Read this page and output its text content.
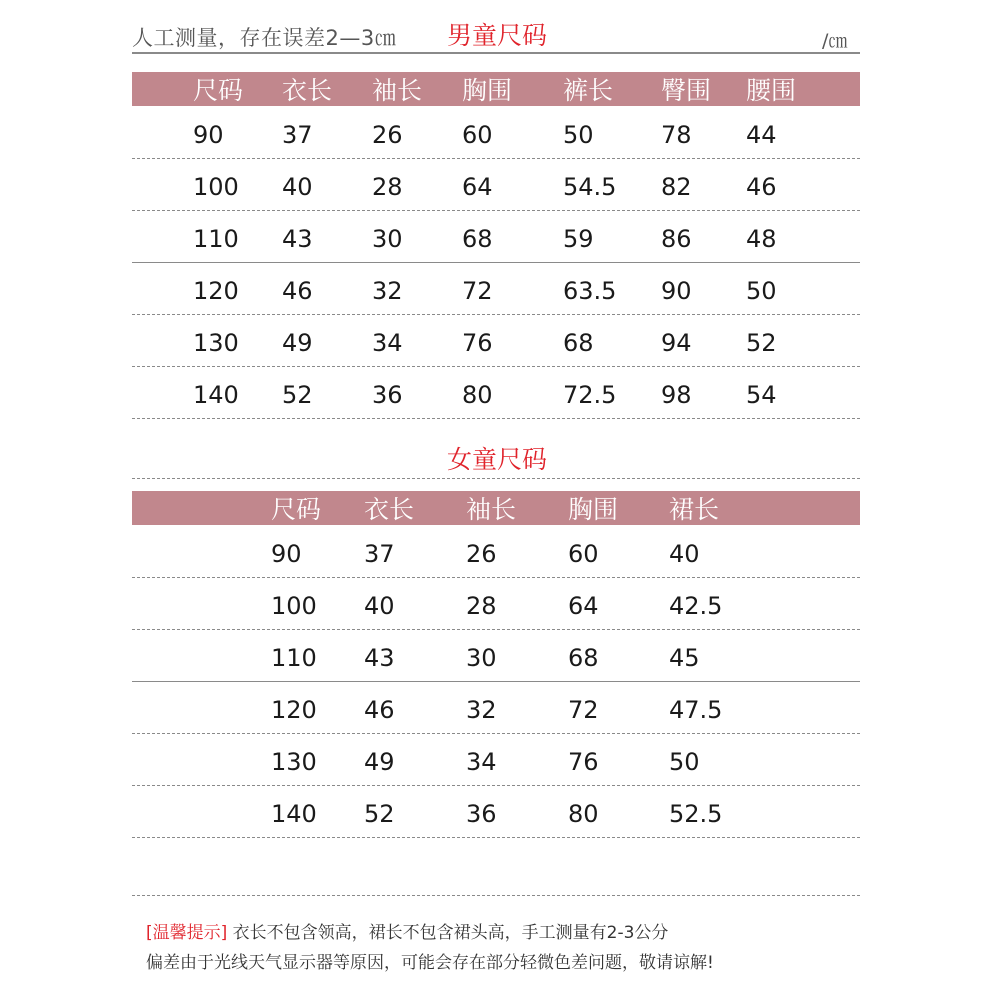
人工测量，存在误差2—3㎝ 男童尺码	/㎝
尺码 衣长 袖长 胸围 裤长 臀围 腰围
90 37 26 60	50	78 44
100 40 28 64	54.5 82 46
110 43 30 68	59	86 48
120 46 32 72	63.5 90 50
130 49 34 76	68	94 52
140 52 36 80	72.5 98 54
女童尺码
尺码 衣长 袖长 胸围 裙长
90	37	26	60	40
100 40	28	64	42.5
110 43	30	68	45
120 46	32	72	47.5
130 49	34	76	50
140 52	36	80	52.5
[温馨提示] 衣长不包含领高，裙长不包含裙头高，手工测量有2-3公分
偏差由于光线天气显示器等原因，可能会存在部分轻微色差问题，敬请谅解!
